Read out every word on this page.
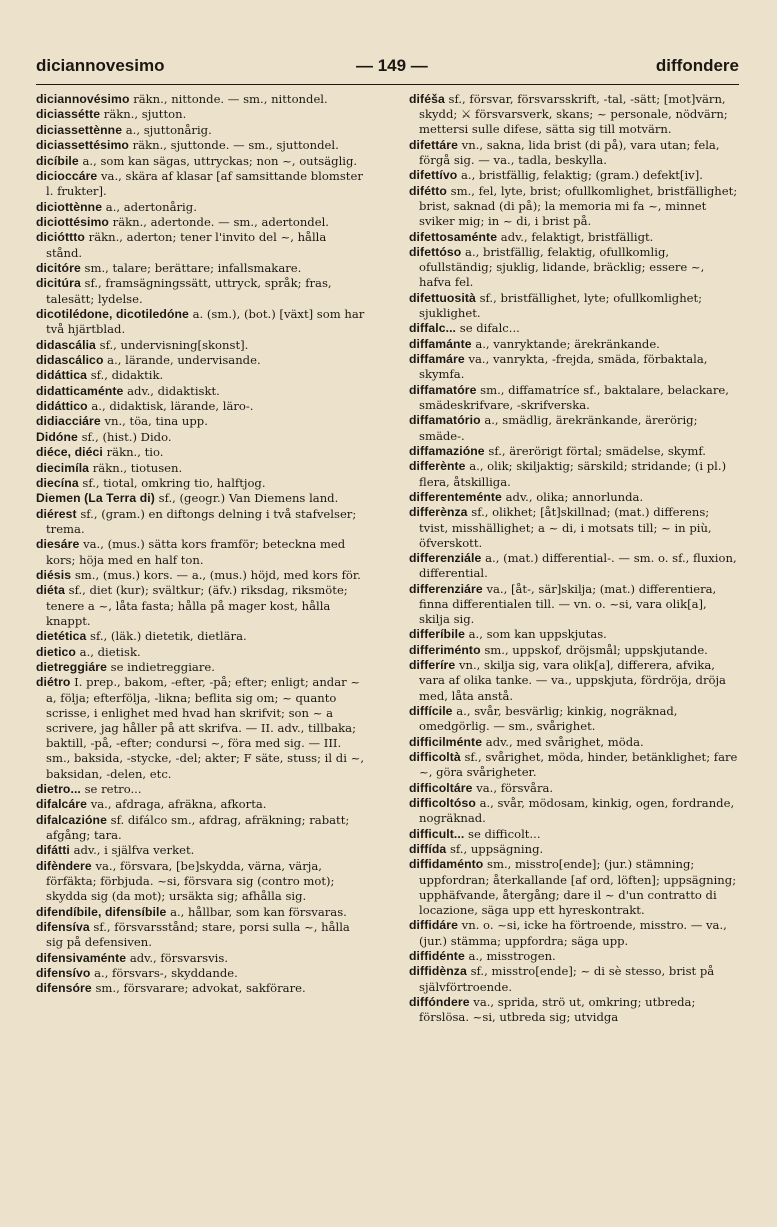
diciannovesimo	— 149 —	diffondere

diciannovésimo räkn., nittonde. — sm., nittondel.

diciassétte räkn., sjutton.

diciassettènne a., sjuttonårig.

diciassettésimo räkn., sjuttonde. — sm., sjuttondel.

dicíbile a., som kan sägas, uttryckas; non ~, outsäglig.

dicioccáre va., skära af klasar [af samsittande blomster l. frukter].

diciottènne a., adertonårig.

diciottésimo räkn., adertonde. — sm., adertondel.

dicióttto räkn., aderton; tener l'invito del ~, hålla stånd.

dicitóre sm., talare; berättare; infallsmakare.

dicitúra sf., framsägningssätt, uttryck, språk; fras, talesätt; lydelse.

dicotilédone, dicotiledóne a. (sm.), (bot.) [växt] som har två hjärtblad.

didascália sf., undervisning[skonst].

didascálico a., lärande, undervisande.

didáttica sf., didaktik.

didatticaménte adv., didaktiskt.

didáttico a., didaktisk, lärande, läro-.

didiacciáre vn., töa, tina upp.

Didóne sf., (hist.) Dido.

diéce, diéci räkn., tio.

diecimíla räkn., tiotusen.

diecína sf., tiotal, omkring tio, halftjog.

Diemen (La Terra di) sf., (geogr.) Van Diemens land.

diérest sf., (gram.) en diftongs delning i två stafvelser; trema.

diesáre va., (mus.) sätta kors framför; beteckna med kors; höja med en half ton.

diésis sm., (mus.) kors. — a., (mus.) höjd, med kors för.

diéta sf., diet (kur); svältkur; (äfv.) riksdag, riksmöte; tenere a ~, låta fasta; hålla på mager kost, hålla knappt.

dietética sf., (läk.) dietetik, dietlära.

dietico a., dietisk.

dietreggiáre se indietreggiare.

diétro I. prep., bakom, -efter, -på; efter; enligt; andar ~ a, följa; efterfölja, -likna; beflita sig om; ~ quanto scrisse, i enlighet med hvad han skrifvit; son ~ a scrivere, jag håller på att skrifva. — II. adv., tillbaka; baktill, -på, -efter; condursi ~, föra med sig. — III. sm., baksida, -stycke, -del; akter; F säte, stuss; il di ~, baksidan, -delen, etc.

dietro... se retro...

difalcáre va., afdraga, afräkna, afkorta.

difalcazióne sf. difálco sm., afdrag, afräkning; rabatt; afgång; tara.

difátti adv., i själfva verket.

difèndere va., försvara, [be]skydda, värna, värja, förfäkta; förbjuda. ~si, försvara sig (contro mot); skydda sig (da mot); ursäkta sig; afhålla sig.

difendíbile, difensíbile a., hållbar, som kan försvaras.

difensíva sf., försvarsstånd; stare, porsi sulla ~, hålla sig på defensiven.

difensivaménte adv., försvarsvis.

difensívo a., försvars-, skyddande.

difensóre sm., försvarare; advokat, sakförare.

diféša sf., försvar, försvarsskrift, -tal, -sätt; [mot]värn, skydd; ⚔ försvarsverk, skans; ~ personale, nödvärn; mettersi sulle difese, sätta sig till motvärn.

difettáre vn., sakna, lida brist (di på), vara utan; fela, förgå sig. — va., tadla, beskylla.

difettívo a., bristfällig, felaktig; (gram.) defekt[iv].

difétto sm., fel, lyte, brist; ofullkomlighet, bristfällighet; brist, saknad (di på); la memoria mi fa ~, minnet sviker mig; in ~ di, i brist på.

difettosaménte adv., felaktigt, bristfälligt.

difettóso a., bristfällig, felaktig, ofullkomlig, ofullständig; sjuklig, lidande, bräcklig; essere ~, hafva fel.

difettuosità sf., bristfällighet, lyte; ofullkomlighet; sjuklighet.

diffalc... se difalc...

diffamánte a., vanryktande; ärekränkande.

diffamáre va., vanrykta, -frejda, smäda, förbaktala, skymfa.

diffamatóre sm., diffamatríce sf., baktalare, belackare, smädeskrifvare, -skrifverska.

diffamatório a., smädlig, ärekränkande, ärerörig; smäde-.

diffamazióne sf., ärerörigt förtal; smädelse, skymf.

differènte a., olik; skiljaktig; särskild; stridande; (i pl.) flera, åtskilliga.

differenteménte adv., olika; annorlunda.

differènza sf., olikhet; [åt]skillnad; (mat.) differens; tvist, misshällighet; a ~ di, i motsats till; ~ in più, öfverskott.

differenziále a., (mat.) differential-. — sm. o. sf., fluxion, differential.

differenziáre va., [åt-, sär]skilja; (mat.) differentiera, finna differentialen till. — vn. o. ~si, vara olik[a], skilja sig.

differíbile a., som kan uppskjutas.

differiménto sm., uppskof, dröjsmål; uppskjutande.

differíre vn., skilja sig, vara olik[a], differera, afvika, vara af olika tanke. — va., uppskjuta, fördröja, dröja med, låta anstå.

diffícile a., svår, besvärlig; kinkig, nogräknad, omedgörlig. — sm., svårighet.

difficilménte adv., med svårighet, möda.

difficoltà sf., svårighet, möda, hinder, betänklighet; fare ~, göra svårigheter.

difficoltáre va., försvåra.

difficoltóso a., svår, mödosam, kinkig, ogen, fordrande, nogräknad.

difficult... se difficolt...

diffída sf., uppsägning.

diffidaménto sm., misstro[ende]; (jur.) stämning; uppfordran; återkallande [af ord, löften]; uppsägning; upphäfvande, återgång; dare il ~ d'un contratto di locazione, säga upp ett hyreskontrakt.

diffidáre vn. o. ~si, icke ha förtroende, misstro. — va., (jur.) stämma; uppfordra; säga upp.

diffidénte a., misstrogen.

diffidènza sf., misstro[ende]; ~ di sè stesso, brist på självförtroende.

diffóndere va., sprida, strö ut, omkring; utbreda; förslösa. ~si, utbreda sig; utvidga
